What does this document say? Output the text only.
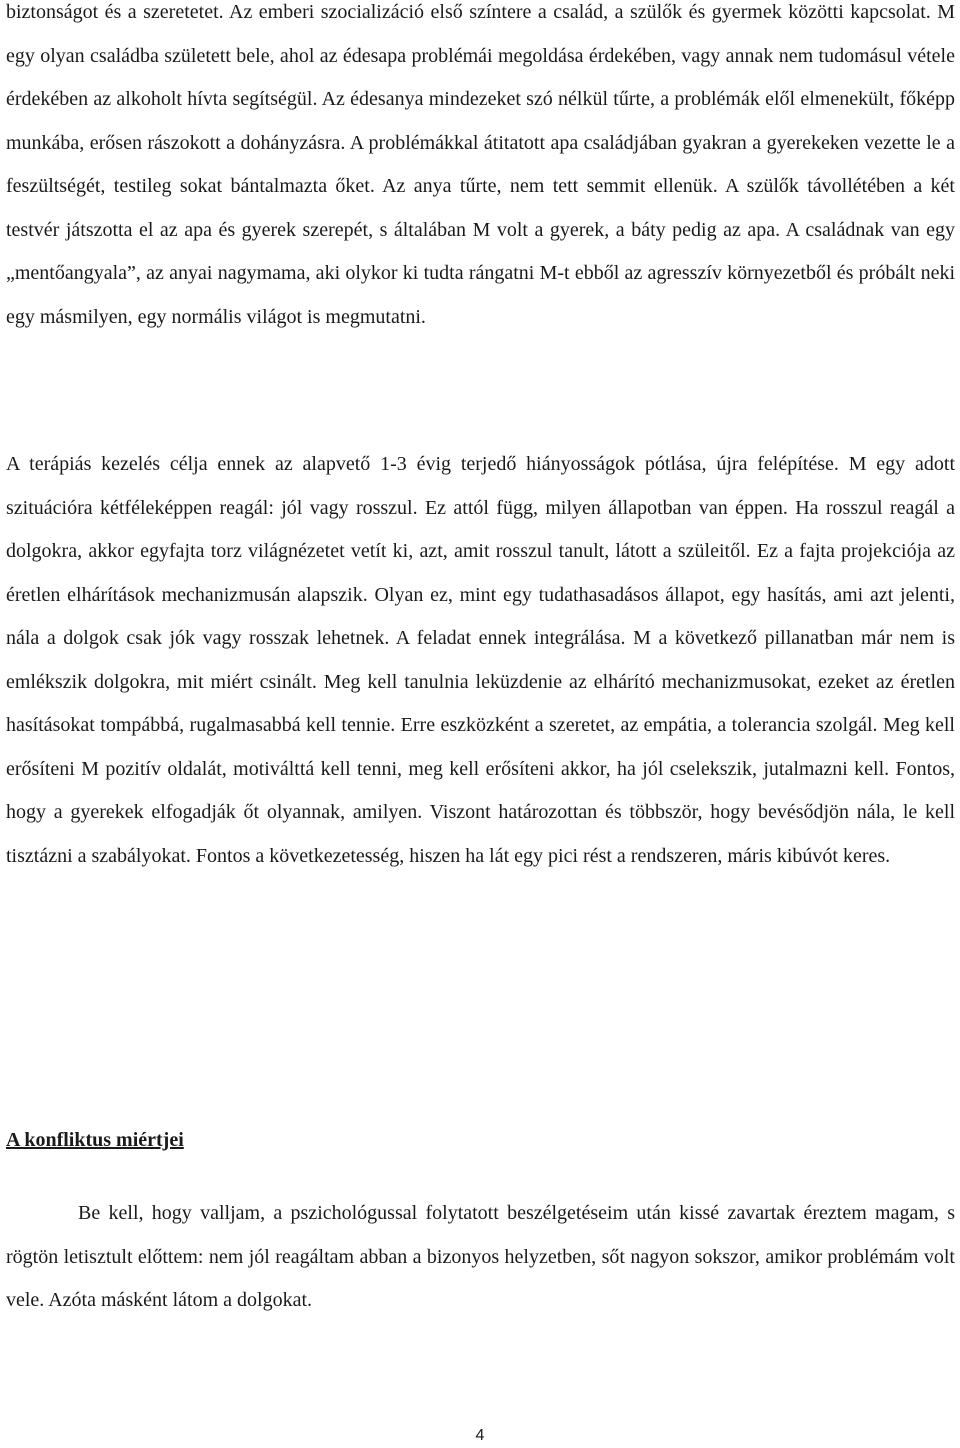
biztonságot és a szeretetet. Az emberi szocializáció első színtere a család, a szülők és gyermek közötti kapcsolat. M egy olyan családba született bele, ahol az édesapa problémái megoldása érdekében, vagy annak nem tudomásul vétele érdekében az alkoholt hívta segítségül. Az édesanya mindezeket szó nélkül tűrte, a problémák elől elmenekült, főképp munkába, erősen rászokott a dohányzásra. A problémákkal átitatott apa családjában gyakran a gyerekeken vezette le a feszültségét, testileg sokat bántalmazta őket. Az anya tűrte, nem tett semmit ellenük. A szülők távollétében a két testvér játszotta el az apa és gyerek szerepét, s általában M volt a gyerek, a báty pedig az apa. A családnak van egy „mentőangyala”, az anyai nagymama, aki olykor ki tudta rángatni M-t ebből az agresszív környezetből és próbált neki egy másmilyen, egy normális világot is megmutatni.

A terápiás kezelés célja ennek az alapvető 1-3 évig terjedő hiányosságok pótlása, újra felépítése. M egy adott szituációra kétféleképpen reagál: jól vagy rosszul. Ez attól függ, milyen állapotban van éppen. Ha rosszul reagál a dolgokra, akkor egyfajta torz világnézetet vetít ki, azt, amit rosszul tanult, látott a szüleitől. Ez a fajta projekciója az éretlen elhárítások mechanizmusán alapszik. Olyan ez, mint egy tudathasadásos állapot, egy hasítás, ami azt jelenti, nála a dolgok csak jók vagy rosszak lehetnek. A feladat ennek integrálása. M a következő pillanatban már nem is emlékszik dolgokra, mit miért csinált. Meg kell tanulnia leküzdenie az elhárító mechanizmusokat, ezeket az éretlen hasításokat tompábbá, rugalmasabbá kell tennie. Erre eszközként a szeretet, az empátia, a tolerancia szolgál. Meg kell erősíteni M pozitív oldalát, motiválttá kell tenni, meg kell erősíteni akkor, ha jól cselekszik, jutalmazni kell. Fontos, hogy a gyerekek elfogadják őt olyannak, amilyen. Viszont határozottan és többször, hogy bevésődjön nála, le kell tisztázni a szabályokat. Fontos a következetesség, hiszen ha lát egy pici rést a rendszeren, máris kibúvót keres.

A konfliktus miértjei

Be kell, hogy valljam, a pszichológussal folytatott beszélgetéseim után kissé zavartak éreztem magam, s rögtön letisztult előttem: nem jól reagáltam abban a bizonyos helyzetben, sőt nagyon sokszor, amikor problémám volt vele. Azóta másként látom a dolgokat.

4
